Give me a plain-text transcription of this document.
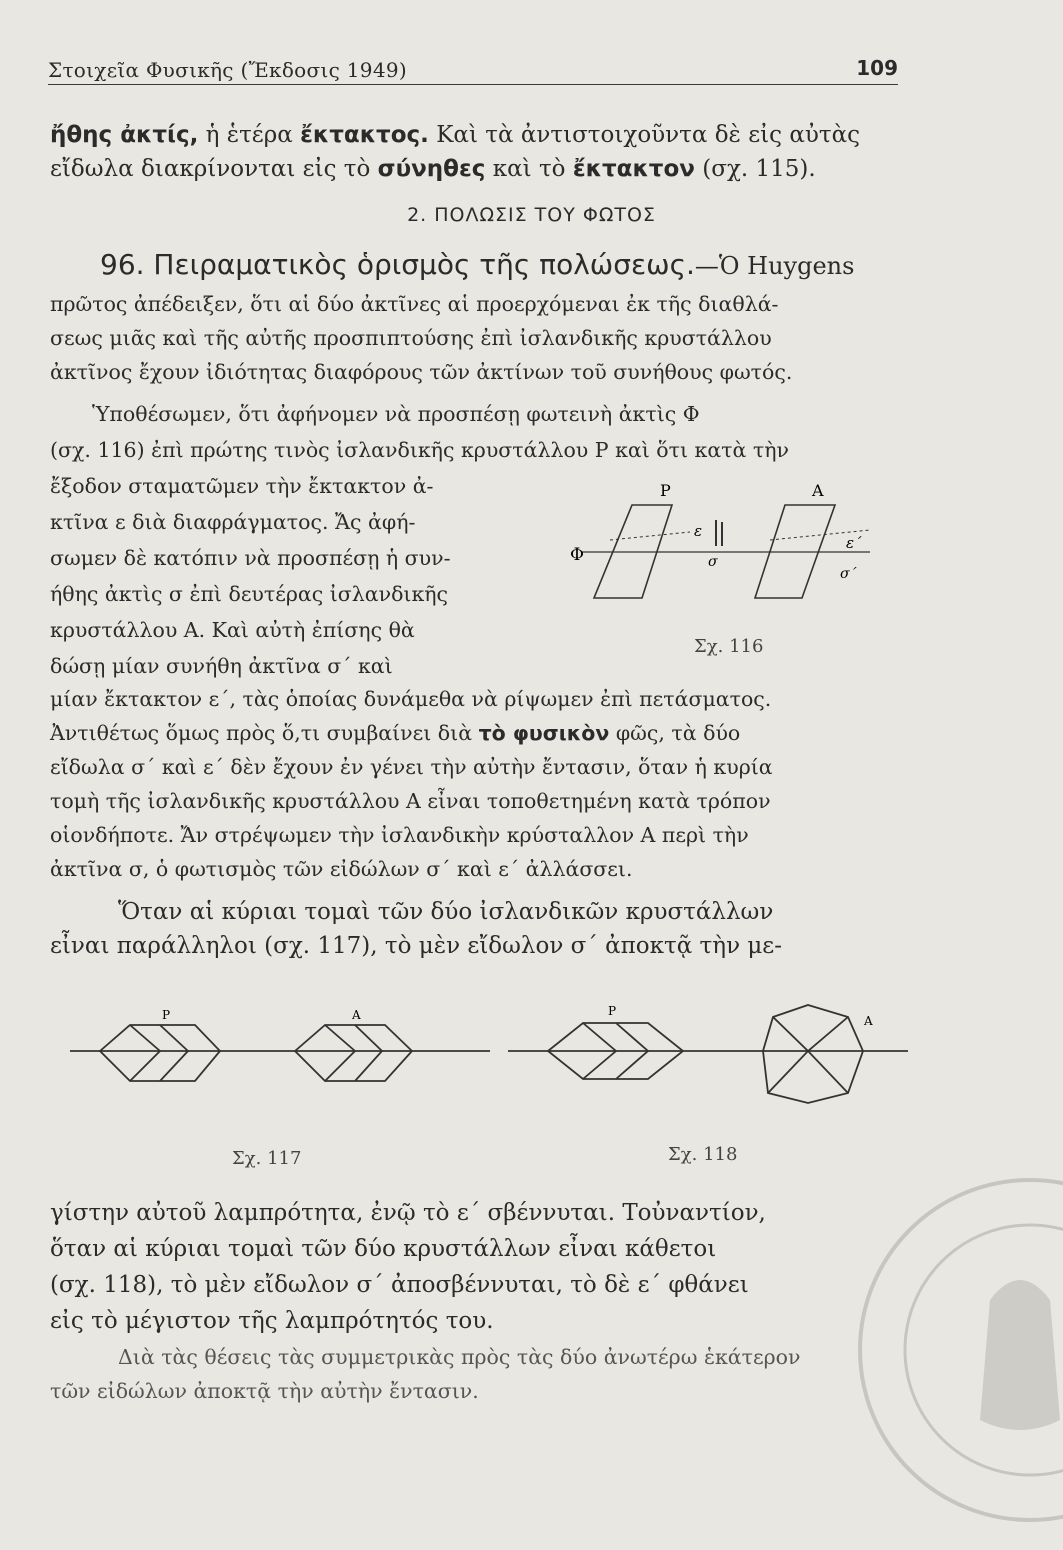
Στοιχεῖα Φυσικῆς (Ἔκδοσις 1949)	109
ἤθης ἀκτίς, ἡ ἑτέρα ἔκτακτος. Καὶ τὰ ἀντιστοιχοῦντα δὲ εἰς αὐτὰς
εἴδωλα διακρίνονται εἰς τὸ σύνηθες καὶ τὸ ἔκτακτον (σχ. 115).
2. ΠΟΛΩΣΙΣ ΤΟΥ ΦΩΤΟΣ
96. Πειραματικὸς ὁρισμὸς τῆς πολώσεως.—Ὁ Huygens
πρῶτος ἀπέδειξεν, ὅτι αἱ δύο ἀκτῖνες αἱ προερχόμεναι ἐκ τῆς διαθλά-
σεως μιᾶς καὶ τῆς αὐτῆς προσπιπτούσης ἐπὶ ἰσλανδικῆς κρυστάλλου
ἀκτῖνος ἔχουν ἰδιότητας διαφόρους τῶν ἀκτίνων τοῦ συνήθους φωτός.
Ὑποθέσωμεν, ὅτι ἀφήνομεν νὰ προσπέσῃ φωτεινὴ ἀκτὶς Φ
(σχ. 116) ἐπὶ πρώτης τινὸς ἰσλανδικῆς κρυστάλλου Ρ καὶ ὅτι κατὰ τὴν
ἔξοδον σταματῶμεν τὴν ἔκτακτον ἀ-
κτῖνα ε διὰ διαφράγματος. Ἄς ἀφή-
σωμεν δὲ κατόπιν νὰ προσπέσῃ ἡ συν-
ήθης ἀκτὶς σ ἐπὶ δευτέρας ἰσλανδικῆς
κρυστάλλου Α. Καὶ αὐτὴ ἐπίσης θὰ
δώσῃ μίαν συνήθη ἀκτῖνα σ΄ καὶ
Ρ	Α
Φ
ε
ε΄
σ
σ΄
Σχ. 116
μίαν ἔκτακτον ε΄, τὰς ὁποίας δυνάμεθα νὰ ρίψωμεν ἐπὶ πετάσματος.
Ἀντιθέτως ὅμως πρὸς ὅ,τι συμβαίνει διὰ τὸ φυσικὸν φῶς, τὰ δύο
εἴδωλα σ΄ καὶ ε΄ δὲν ἔχουν ἐν γένει τὴν αὐτὴν ἔντασιν, ὅταν ἡ κυρία
τομὴ τῆς ἰσλανδικῆς κρυστάλλου Α εἶναι τοποθετημένη κατὰ τρόπον
οἱονδήποτε. Ἄν στρέψωμεν τὴν ἰσλανδικὴν κρύσταλλον Α περὶ τὴν
ἀκτῖνα σ, ὁ φωτισμὸς τῶν εἰδώλων σ΄ καὶ ε΄ ἀλλάσσει.
Ὅταν αἱ κύριαι τομαὶ τῶν δύο ἰσλανδικῶν κρυστάλλων
εἶναι παράλληλοι (σχ. 117), τὸ μὲν εἴδωλον σ΄ ἀποκτᾷ τὴν με-
Ρ	Α
Σχ. 117
Ρ
Α
Σχ. 118
γίστην αὐτοῦ λαμπρότητα, ἐνῷ τὸ ε΄ σβέννυται. Τοὐναντίον,
ὅταν αἱ κύριαι τομαὶ τῶν δύο κρυστάλλων εἶναι κάθετοι
(σχ. 118), τὸ μὲν εἴδωλον σ΄ ἀποσβέννυται, τὸ δὲ ε΄ φθάνει
εἰς τὸ μέγιστον τῆς λαμπρότητός του.
Διὰ τὰς θέσεις τὰς συμμετρικὰς πρὸς τὰς δύο ἀνωτέρω ἑκάτερον
τῶν εἰδώλων ἀποκτᾷ τὴν αὐτὴν ἔντασιν.
